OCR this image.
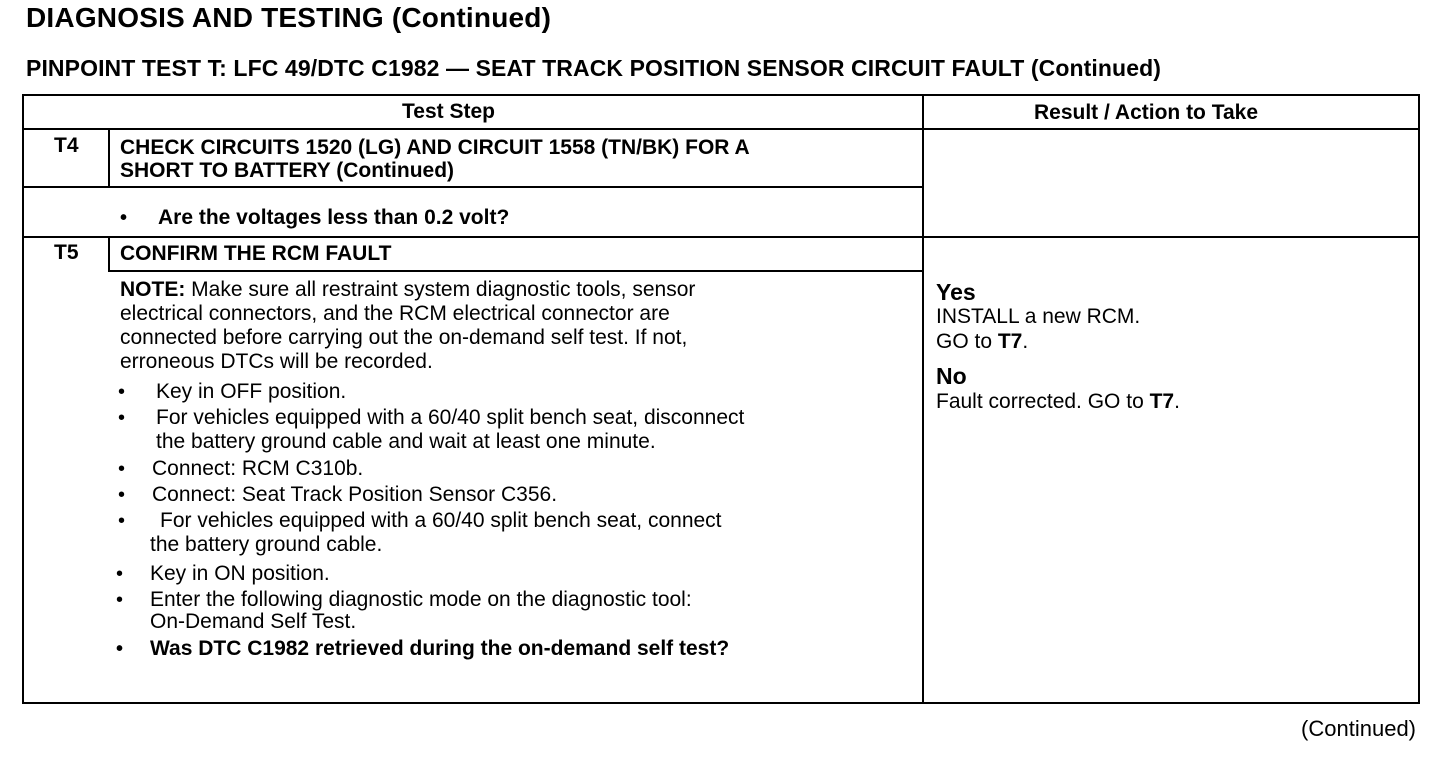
DIAGNOSIS AND TESTING (Continued)
PINPOINT TEST T: LFC 49/DTC C1982 — SEAT TRACK POSITION SENSOR CIRCUIT FAULT (Continued)
Test Step	Result / Action to Take
T4 CHECK CIRCUITS 1520 (LG) AND CIRCUIT 1558 (TN/BK) FOR A
SHORT TO BATTERY (Continued)
• Are the voltages less than 0.2 volt?
T5 CONFIRM THE RCM FAULT
NOTE: Make sure all restraint system diagnostic tools, sensor
electrical connectors, and the RCM electrical connector are
connected before carrying out the on-demand self test. If not,
erroneous DTCs will be recorded.
• Key in OFF position.
• For vehicles equipped with a 60/40 split bench seat, disconnect
the battery ground cable and wait at least one minute.
• Connect: RCM C310b.
• Connect: Seat Track Position Sensor C356.
• For vehicles equipped with a 60/40 split bench seat, connect
the battery ground cable.
• Key in ON position.
• Enter the following diagnostic mode on the diagnostic tool:
On-Demand Self Test.
• Was DTC C1982 retrieved during the on-demand self test?
Yes
INSTALL a new RCM.
GO to T7.
No
Fault corrected. GO to T7.
(Continued)
